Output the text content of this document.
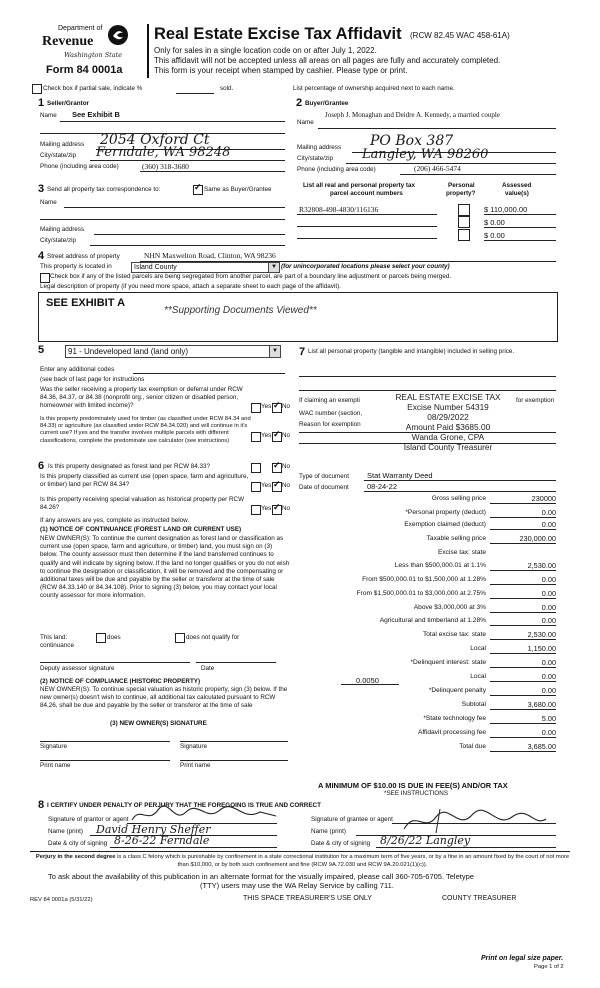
Department of
Revenue
Washington State
Form 84 0001a
Real Estate Excise Tax Affidavit (RCW 82.45 WAC 458-61A)
Only for sales in a single location code on or after July 1, 2022.
This affidavit will not be accepted unless all areas on all pages are fully and accurately completed.
This form is your receipt when stamped by cashier. Please type or print.
Check box if partial sale, indicate %	sold.	List percentage of ownership acquired next to each name.
1 Seller/Grantor
Name See Exhibit B
Mailing address 2054 Oxford Ct
City/state/zip Ferndale, WA 98248
Phone (including area code)	(360) 318-3680
2 Buyer/Grantee
Joseph J. Monaghan and Deidre A. Kennedy, a married couple
Name
Mailing address PO Box 387
City/state/zip Langley, WA 98260
Phone (including area code)	(206) 466-5474
3 Send all property tax correspondence to: ✓	Same as Buyer/Grantee
Name
Mailing address
City/state/zip
List all real and personal property tax
parcel account numbers
Personal
property?
Assessed
value(s)
R32808-498-4830/116136	$ 110,000.00
$ 0.00
$ 0.00
4 Street address of property	NHN Maxwelton Road, Clinton, WA 98236
This property is located in	Island County	▼ (for unincorporated locations please select your county)
Check box if any of the listed parcels are being segregated from another parcel, are part of a boundary line adjustment or parcels being merged.
Legal description of property (if you need more space, attach a separate sheet to each page of the affidavit).
SEE EXHIBIT A
**Supporting Documents Viewed**
5	91 - Undeveloped land (land only)	▼
Enter any additional codes
(see back of last page for instructions
Was the seller receiving a property tax exemption or deferral under RCW 84.36, 84.37, or 84.38 (nonprofit org., senior citizen or disabled person, homeowner with limited income)?	Yes ✓ No
Is this property predominately used for timber (as classified under RCW 84.34 and 84.33) or agriculture (as classified under RCW 84.34.020) and will continue in it's current use? If yes and the transfer involves multiple parcels with different classifications, complete the predominate use calculator (see instructions)
Yes ✓ No
6 Is this property designated as forest land per RCW 84.33? ✓	No
Is this property classified as current use (open space, farm and agriculture, or timber) land per RCW 84.34?	Yes ✓ No
Is this property receiving special valuation as historical property per RCW 84.26?	Yes ✓ No
If any answers are yes, complete as instructed below.
(1) NOTICE OF CONTINUANCE (FOREST LAND OR CURRENT USE)
NEW OWNER(S): To continue the current designation as forest land or classification as current use (open space, farm and agriculture, or timber) land, you must sign on (3) below. The county assessor must then determine if the land transferred continues to qualify and will indicate by signing below. If the land no longer qualifies or you do not wish to continue the designation or classification, it will be removed and the compensating or additional taxes will be due and payable by the seller or transferor at the time of sale (RCW 84.33.140 or 84.34.108). Prior to signing (3) below, you may contact your local county assessor for more information.
This land:	does	does not qualify for
continuance
Deputy assessor signature	Date
(2) NOTICE OF COMPLIANCE (HISTORIC PROPERTY)
NEW OWNER(S): To continue special valuation as historic property, sign (3) below. If the new owner(s) doesn't wish to continue, all additional tax calculated pursuant to RCW 84.26, shall be due and payable by the seller or transferor at the time of sale
(3) NEW OWNER(S) SIGNATURE
Signature	Signature
Print name	Print name
7 List all personal property (tangible and intangible) included in selling price.
If claiming an exempti	for exemption
WAC number (section,
Reason for exemption
REAL ESTATE EXCISE TAX
Excise Number 54319
08/29/2022
Amount Paid $3685.00
Wanda Grone, CPA
Island County Treasurer
Type of document Stat Warranty Deed
Date of document 08-24-22
Gross selling price	230000
*Personal property (deduct)	0.00
Exemption claimed (deduct)	0.00
Taxable selling price	230,000.00
Excise tax: state
Less than $500,000.01 at 1.1%	2,530.00
From $500,000.01 to $1,500,000 at 1.28%	0.00
From $1,500,000.01 to $3,000,000 at 2.75%	0.00
Above $3,000,000 at 3%	0.00
Agricultural and timberland at 1.28%	0.00
Total excise tax: state	2,530.00
Local	1,150.00
*Delinquent interest: state	0.00
Local	0.00
*Delinquent penalty	0.00
Subtotal	3,680.00
*State technology fee	5.00
Affidavit processing fee	0.00
Total due	3,685.00
0.0050
A MINIMUM OF $10.00 IS DUE IN FEE(S) AND/OR TAX
*SEE INSTRUCTIONS
8 I CERTIFY UNDER PENALTY OF PERJURY THAT THE FOREGOING IS TRUE AND CORRECT
Signature of grantor or agent
Name (print) David Henry Sheffer
Date & city of signing 8-26-22 Ferndale
Signature of grantee or agent
Name (print)
Date & city of signing 8/26/22 Langley
Perjury in the second degree is a class C felony which is punishable by confinement in a state correctional institution for a maximum term of five years, or by a fine in an amount fixed by the court of not more than $10,000, or by both such confinement and fine (RCW 9A.72.030 and RCW 9A.20.021(1)(c)).
To ask about the availability of this publication in an alternate format for the visually impaired, please call 360-705-6705. Teletype
(TTY) users may use the WA Relay Service by calling 711.
REV 84 0001a (5/31/22)	THIS SPACE TREASURER'S USE ONLY	COUNTY TREASURER
Print on legal size paper.
Page 1 of 2
